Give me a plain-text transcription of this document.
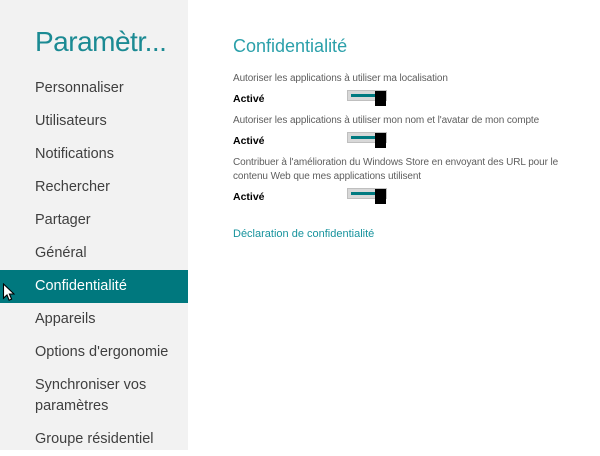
Paramètr...
Personnaliser
Utilisateurs
Notifications
Rechercher
Partager
Général
Confidentialité
Appareils
Options d'ergonomie
Synchroniser vos paramètres
Groupe résidentiel
Confidentialité
Autoriser les applications à utiliser ma localisation
Activé
Autoriser les applications à utiliser mon nom et l'avatar de mon compte
Activé
Contribuer à l'amélioration du Windows Store en envoyant des URL pour le contenu Web que mes applications utilisent
Activé
Déclaration de confidentialité
